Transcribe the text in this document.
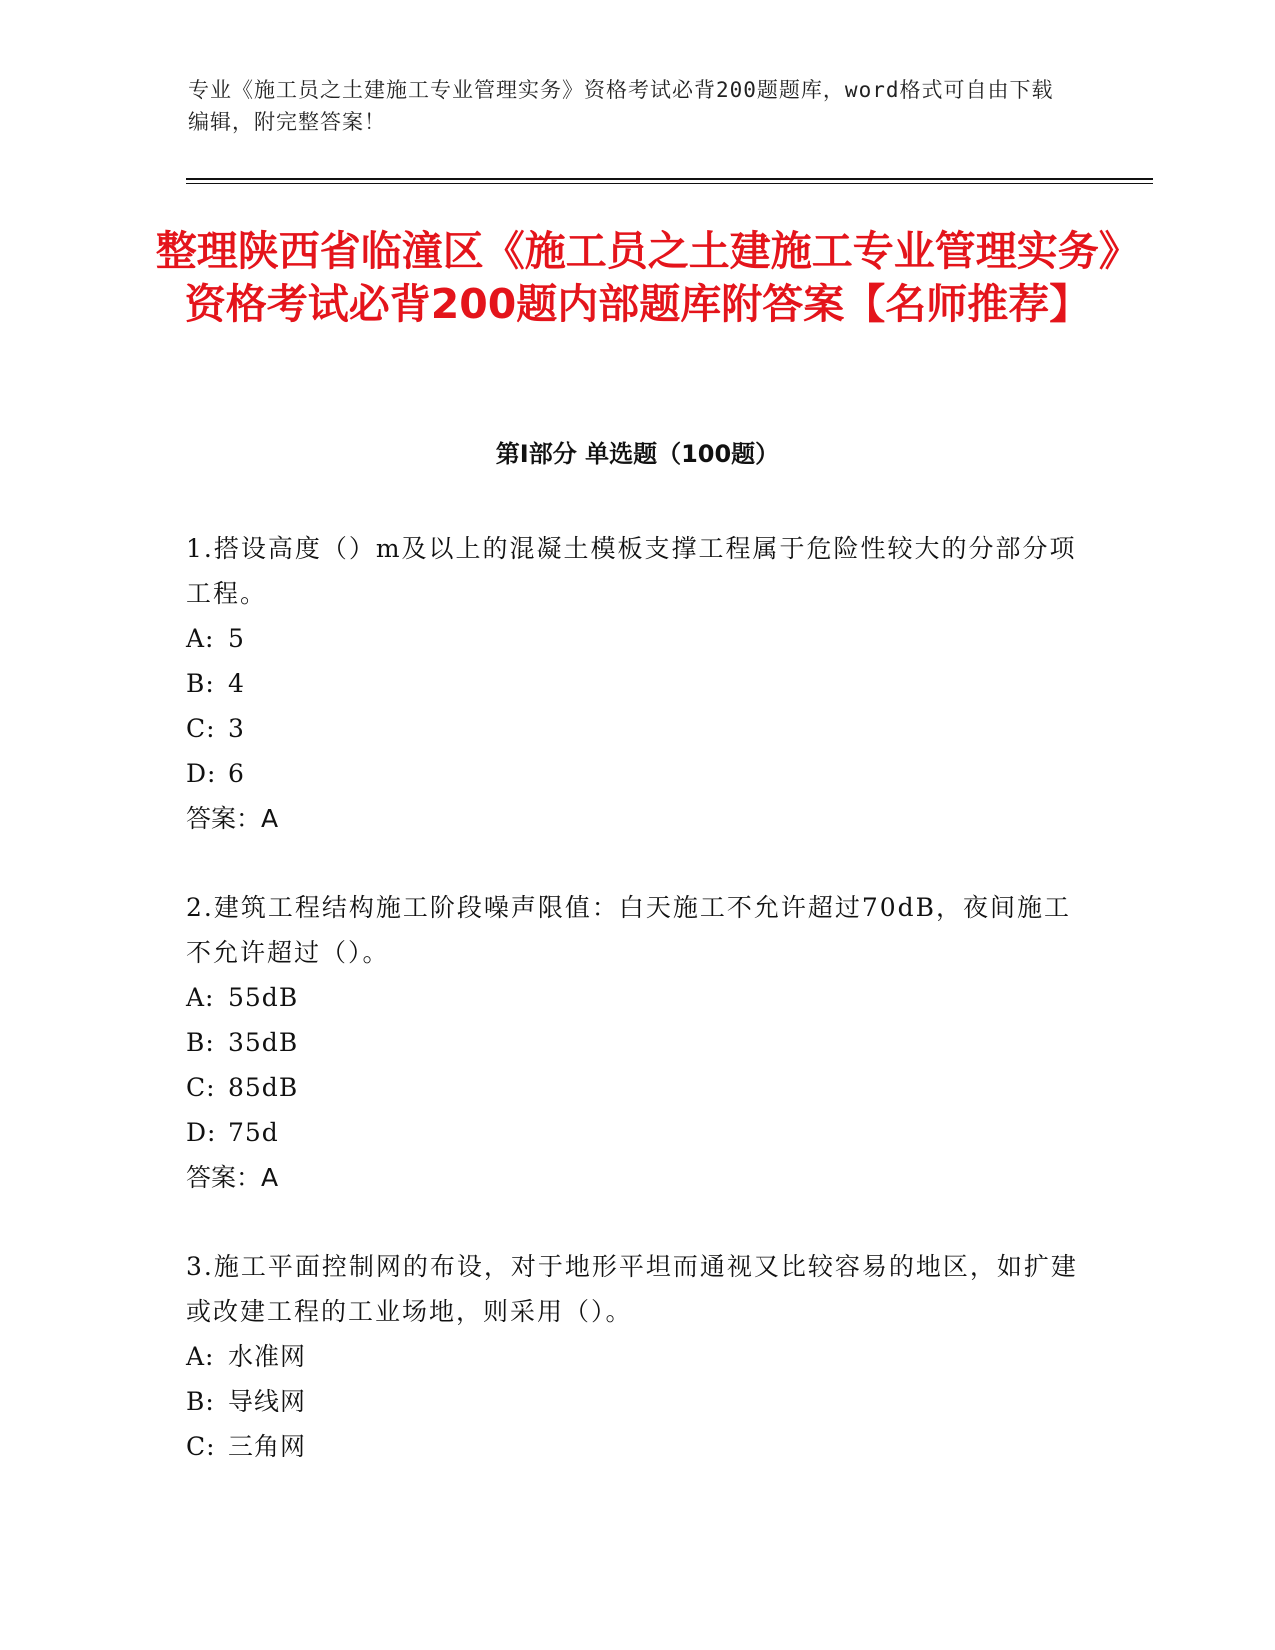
专业《施工员之土建施工专业管理实务》资格考试必背200题题库，word格式可自由下载编辑，附完整答案！
整理陕西省临潼区《施工员之土建施工专业管理实务》资格考试必背200题内部题库附答案【名师推荐】
第I部分 单选题（100题）
1.搭设高度（）m及以上的混凝土模板支撑工程属于危险性较大的分部分项工程。
A: 5
B: 4
C: 3
D: 6
答案：A
2.建筑工程结构施工阶段噪声限值：白天施工不允许超过70dB，夜间施工不允许超过（）。
A: 55dB
B: 35dB
C: 85dB
D: 75d
答案：A
3.施工平面控制网的布设，对于地形平坦而通视又比较容易的地区，如扩建或改建工程的工业场地，则采用（）。
A: 水准网
B: 导线网
C: 三角网
